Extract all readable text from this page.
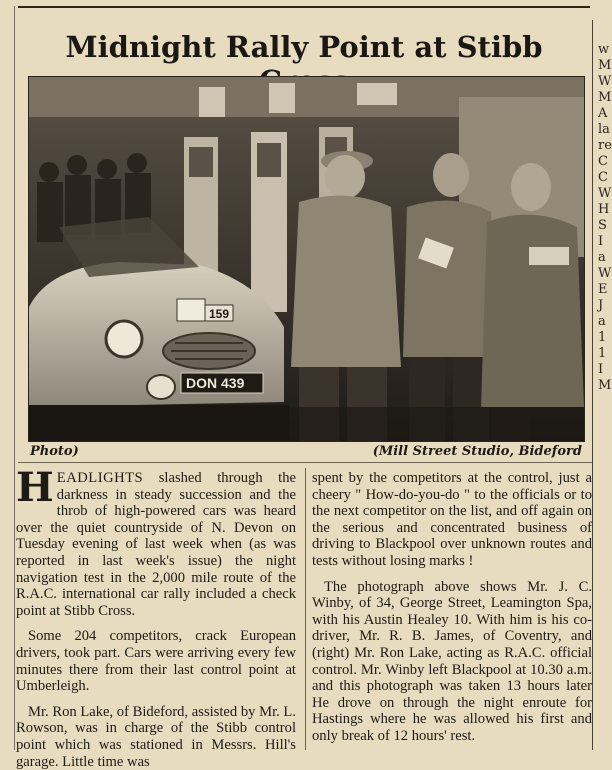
w
M
W
M
A
la
re
C
C
W
H
S
I
a
W
E
J
a
1
1
I
M
Midnight Rally Point at Stibb
159
DON 439
Photo)	(Mill Street Studio, Bideford

HEADLIGHTS slashed through the darkness in steady succession and the throb of high-powered cars was heard over the quiet countryside of N. Devon on Tuesday evening of last week when (as was reported in last week's issue) the night navigation test in the 2,000 mile route of the R.A.C. international car rally included a check point at Stibb Cross.

Some 204 competitors, crack European drivers, took part. Cars were arriving every few minutes there from their last control point at Umberleigh.

Mr. Ron Lake, of Bideford, assisted by Mr. L. Rowson, was in charge of the Stibb control point which was stationed in Messrs. Hill's garage. Little time was

spent by the competitors at the control, just a cheery " How-do-you-do " to the officials or to the next competitor on the list, and off again on the serious and concentrated business of driving to Blackpool over unknown routes and tests without losing marks !

The photograph above shows Mr. J. C. Winby, of 34, George Street, Leamington Spa, with his Austin Healey 10. With him is his co-driver, Mr. R. B. James, of Coventry, and (right) Mr. Ron Lake, acting as R.A.C. official control. Mr. Winby left Blackpool at 10.30 a.m. and this photograph was taken 13 hours later He drove on through the night enroute for Hastings where he was allowed his first and only break of 12 hours' rest.
